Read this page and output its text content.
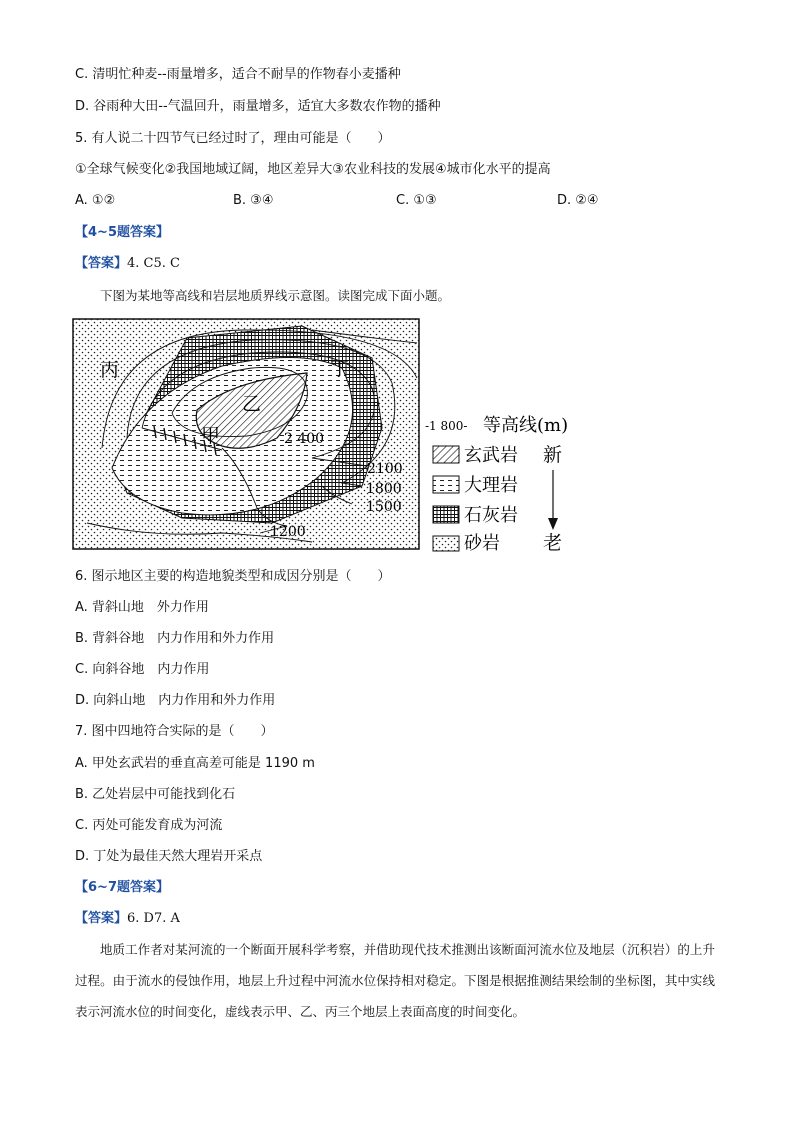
C. 清明忙种麦--雨量增多，适合不耐旱的作物春小麦播种
D. 谷雨种大田--气温回升，雨量增多，适宜大多数农作物的播种
5. 有人说二十四节气已经过时了，理由可能是（　　）
①全球气候变化②我国地域辽阔，地区差异大③农业科技的发展④城市化水平的提高
A. ①②	B. ③④	C. ①③	D. ②④
【4~5题答案】
【答案】4. C5. C
下图为某地等高线和岩层地质界线示意图。读图完成下面小题。
丙	丁
乙
甲	2 400
2100
1800
1500
1200
-1 800- 等高线(m)
玄武岩
大理岩
石灰岩
砂岩
新
老
6. 图示地区主要的构造地貌类型和成因分别是（　　）
A. 背斜山地　外力作用
B. 背斜谷地　内力作用和外力作用
C. 向斜谷地　内力作用
D. 向斜山地　内力作用和外力作用
7. 图中四地符合实际的是（　　）
A. 甲处玄武岩的垂直高差可能是 1190 m
B. 乙处岩层中可能找到化石
C. 丙处可能发育成为河流
D. 丁处为最佳天然大理岩开采点
【6~7题答案】
【答案】6. D7. A
地质工作者对某河流的一个断面开展科学考察，并借助现代技术推测出该断面河流水位及地层（沉积岩）的上升过程。由于流水的侵蚀作用，地层上升过程中河流水位保持相对稳定。下图是根据推测结果绘制的坐标图，其中实线表示河流水位的时间变化，虚线表示甲、乙、丙三个地层上表面高度的时间变化。
